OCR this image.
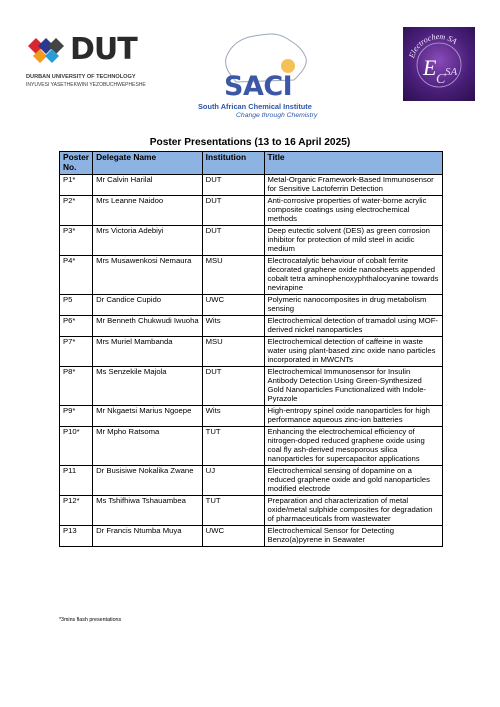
DUT
DURBAN UNIVERSITY OF TECHNOLOGY
INYUVESI YASETHEKWINI YEZOBUCHWEPHESHE	SACI
South African Chemical Institute
Change through Chemistry
Electrochem SA
E C SA
Poster Presentations (13 to 16 April 2025)
Poster No.	Delegate Name	Institution	Title
P1*	Mr Calvin Harilal	DUT	Metal-Organic Framework-Based Immunosensor for Sensitive Lactoferrin Detection
P2*	Mrs Leanne Naidoo	DUT	Anti-corrosive properties of water-borne acrylic composite coatings using electrochemical methods
P3*	Mrs Victoria Adebiyi	DUT	Deep eutectic solvent (DES) as green corrosion inhibitor for protection of mild steel in acidic medium
P4*	Mrs Musawenkosi Nemaura	MSU	Electrocatalytic behaviour of cobalt ferrite decorated graphene oxide nanosheets appended cobalt tetra aminophenoxyphthalocyanine towards nevirapine
P5	Dr Candice Cupido	UWC	Polymeric nanocomposites in drug metabolism sensing
P6*	Mr Benneth Chukwudi Iwuoha	Wits	Electrochemical detection of tramadol using MOF-derived nickel nanoparticles
P7*	Mrs Muriel Mambanda	MSU	Electrochemical detection of caffeine in waste water using plant-based zinc oxide nano particles incorporated in MWCNTs
P8*	Ms Senzekile Majola	DUT	Electrochemical Immunosensor for Insulin Antibody Detection Using Green-Synthesized Gold Nanoparticles Functionalized with Indole-Pyrazole
P9*	Mr Nkgaetsi Marius Ngoepe	Wits	High-entropy spinel oxide nanoparticles for high performance aqueous zinc-ion batteries
P10*	Mr Mpho Ratsoma	TUT	Enhancing the electrochemical efficiency of nitrogen-doped reduced graphene oxide using coal fly ash-derived mesoporous silica nanoparticles for supercapacitor applications
P11	Dr Busisiwe Nokalika Zwane	UJ	Electrochemical sensing of dopamine on a reduced graphene oxide and gold nanoparticles modified electrode
P12*	Ms Tshifhiwa Tshauambea	TUT	Preparation and characterization of metal oxide/metal sulphide composites for degradation of pharmaceuticals from wastewater
P13	Dr Francis Ntumba Muya	UWC	Electrochemical Sensor for Detecting Benzo(a)pyrene in Seawater
*3mins flash presentations
